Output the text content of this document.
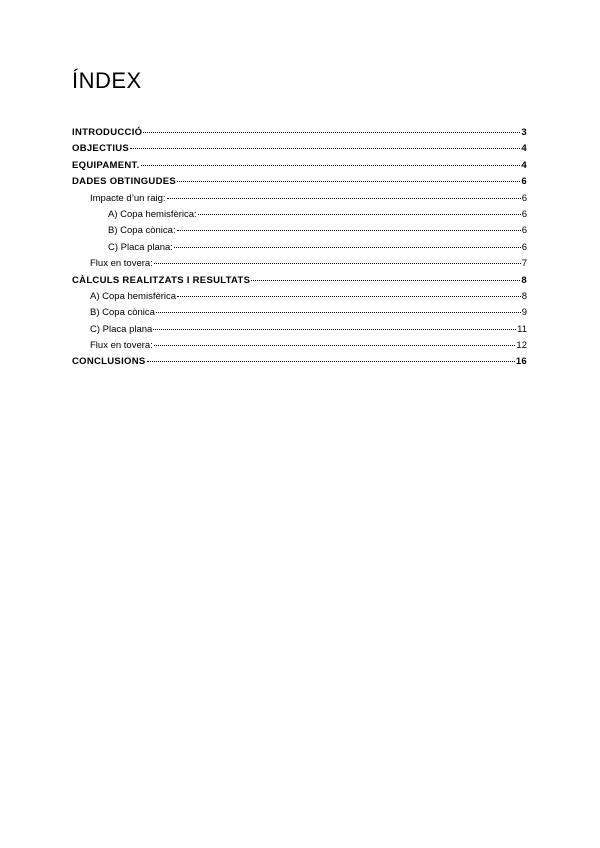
ÍNDEX
INTRODUCCIÓ	3
OBJECTIUS	4
EQUIPAMENT.	4
DADES OBTINGUDES	6
Impacte d’un raig:	6
A) Copa hemisfèrica:	6
B) Copa cònica:	6
C) Placa plana:	6
Flux en tovera:	7
CÀLCULS REALITZATS I RESULTATS	8
A) Copa hemisfèrica	8
B) Copa cònica	9
C) Placa plana	11
Flux en tovera:	12
CONCLUSIONS	16
